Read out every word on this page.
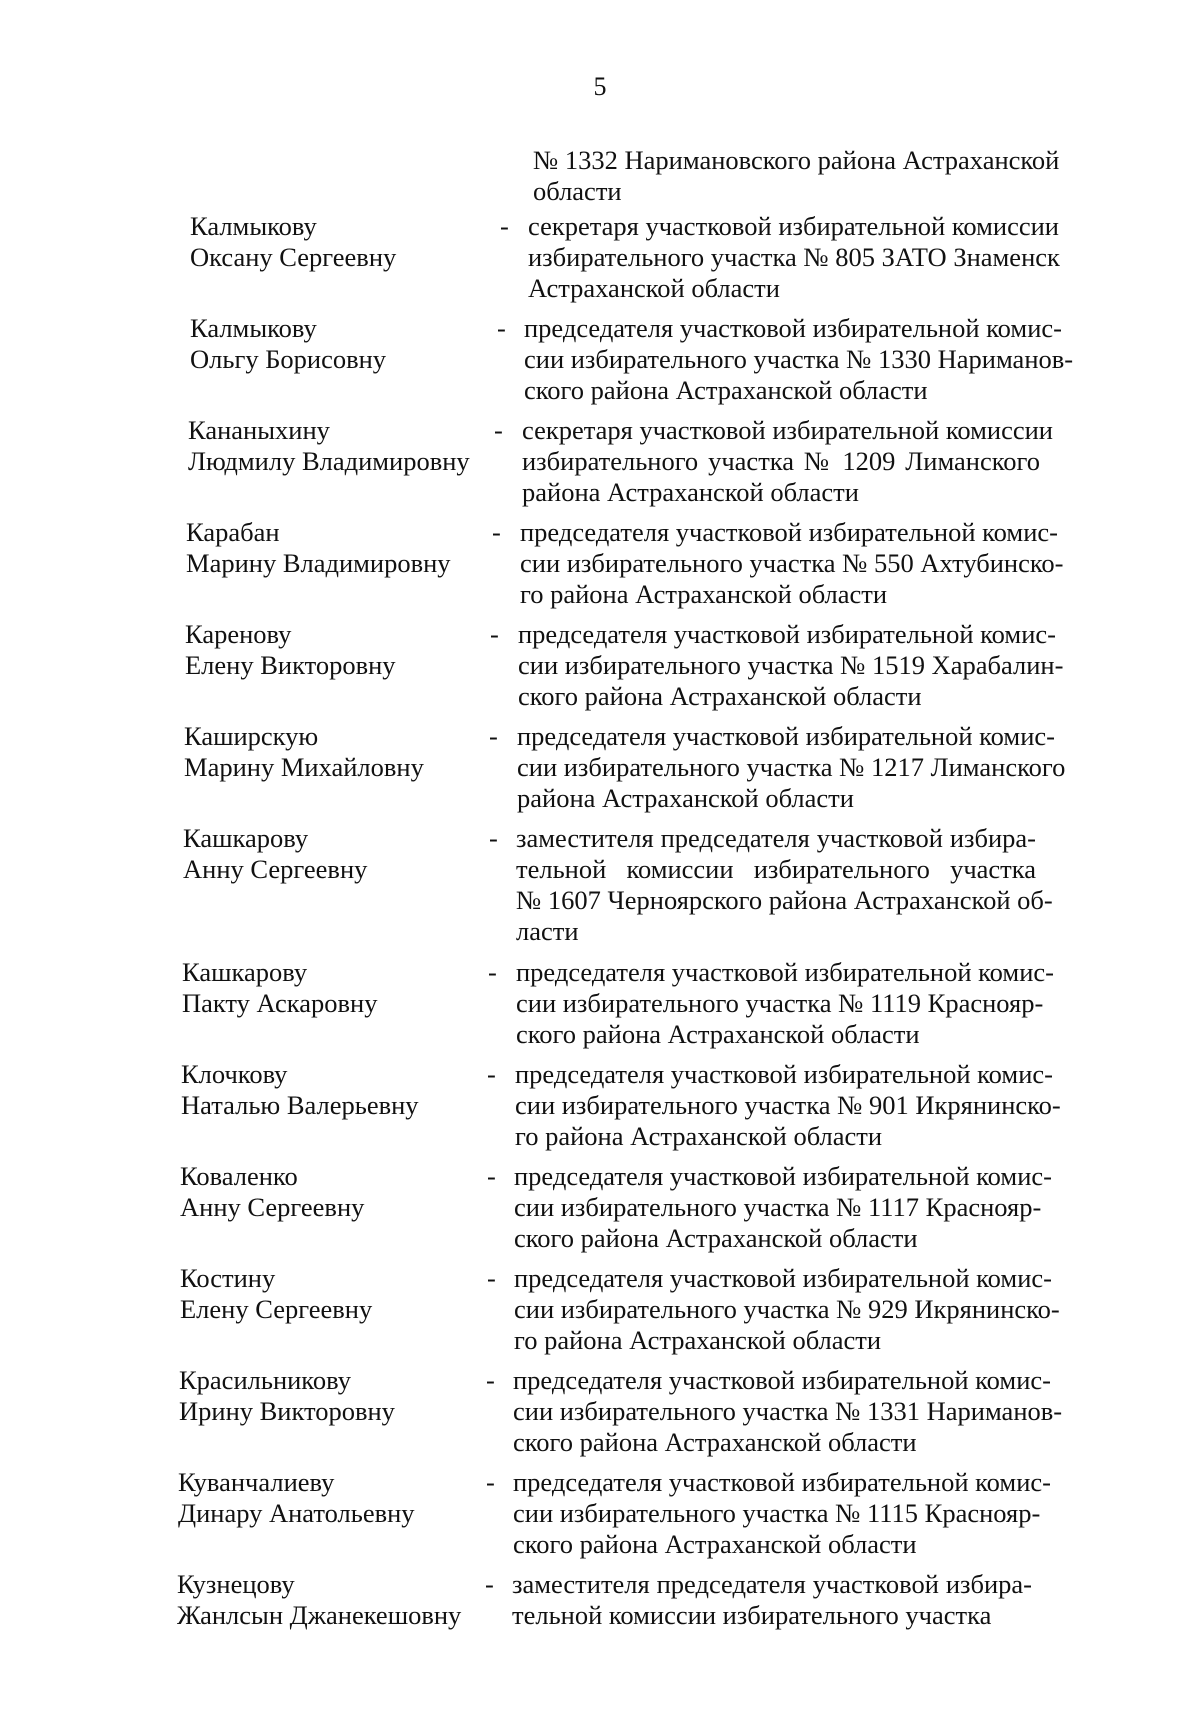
5
№ 1332 Наримановского района Астраханской
области
Калмыкову
Оксану Сергеевну
- секретаря участковой избирательной комиссии
избирательного участка № 805 ЗАТО Знаменск
Астраханской области
Калмыкову
Ольгу Борисовну
- председателя участковой избирательной комис-
сии избирательного участка № 1330 Нариманов-
ского района Астраханской области
Кананыхину
Людмилу Владимировну
- секретаря участковой избирательной комиссии
избирательного участка № 1209 Лиманского
района Астраханской области
Карабан
Марину Владимировну
- председателя участковой избирательной комис-
сии избирательного участка № 550 Ахтубинско-
го района Астраханской области
Каренову
Елену Викторовну
- председателя участковой избирательной комис-
сии избирательного участка № 1519 Харабалин-
ского района Астраханской области
Каширскую
Марину Михайловну
- председателя участковой избирательной комис-
сии избирательного участка № 1217 Лиманского
района Астраханской области
Кашкарову
Анну Сергеевну
- заместителя председателя участковой избира-
тельной комиссии избирательного участка
№ 1607 Черноярского района Астраханской об-
ласти
Кашкарову
Пакту Аскаровну
- председателя участковой избирательной комис-
сии избирательного участка № 1119 Краснояр-
ского района Астраханской области
Клочкову
Наталью Валерьевну
- председателя участковой избирательной комис-
сии избирательного участка № 901 Икрянинско-
го района Астраханской области
Коваленко
Анну Сергеевну
- председателя участковой избирательной комис-
сии избирательного участка № 1117 Краснояр-
ского района Астраханской области
Костину
Елену Сергеевну
- председателя участковой избирательной комис-
сии избирательного участка № 929 Икрянинско-
го района Астраханской области
Красильникову
Ирину Викторовну
- председателя участковой избирательной комис-
сии избирательного участка № 1331 Нариманов-
ского района Астраханской области
Куванчалиеву
Динару Анатольевну
- председателя участковой избирательной комис-
сии избирательного участка № 1115 Краснояр-
ского района Астраханской области
Кузнецову
Жанлсын Джанекешовну
- заместителя председателя участковой избира-
тельной комиссии избирательного участка
